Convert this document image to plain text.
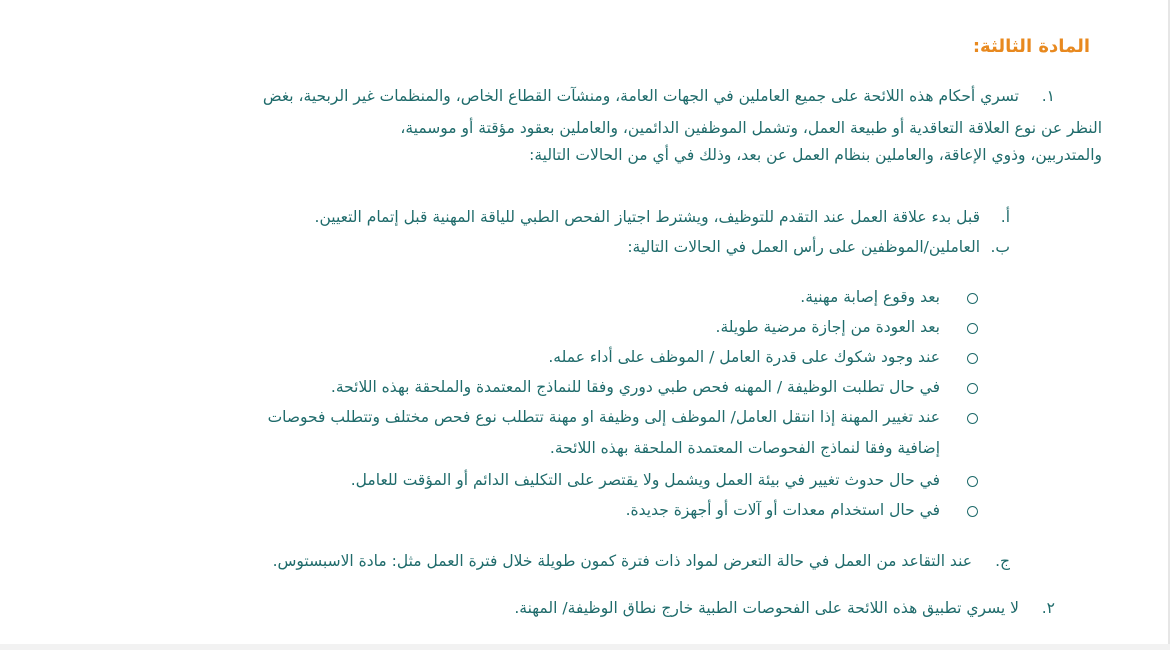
المادة الثالثة:
١.
تسري أحكام هذه اللائحة على جميع العاملين في الجهات العامة، ومنشآت القطاع الخاص، والمنظمات غير الربحية، بغض
النظر عن نوع العلاقة التعاقدية أو طبيعة العمل، وتشمل الموظفين الدائمين، والعاملين بعقود مؤقتة أو موسمية،
والمتدربين، وذوي الإعاقة، والعاملين بنظام العمل عن بعد، وذلك في أي من الحالات التالية:
أ.
قبل بدء علاقة العمل عند التقدم للتوظيف، ويشترط اجتياز الفحص الطبي للياقة المهنية قبل إتمام التعيين.
ب.
العاملين/الموظفين على رأس العمل في الحالات التالية:
بعد وقوع إصابة مهنية.
بعد العودة من إجازة مرضية طويلة.
عند وجود شكوك على قدرة العامل / الموظف على أداء عمله.
في حال تطلبت الوظيفة / المهنه فحص طبي دوري وفقا للنماذج المعتمدة والملحقة بهذه اللائحة.
عند تغيير المهنة إذا انتقل العامل/ الموظف إلى وظيفة او مهنة تتطلب نوع فحص مختلف وتتطلب فحوصات
إضافية وفقا لنماذج الفحوصات المعتمدة الملحقة بهذه اللائحة.
في حال حدوث تغيير في بيئة العمل ويشمل ولا يقتصر على التكليف الدائم أو المؤقت للعامل.
في حال استخدام معدات أو آلات أو أجهزة جديدة.
ج.
عند التقاعد من العمل في حالة التعرض لمواد ذات فترة كمون طويلة خلال فترة العمل مثل: مادة الاسبستوس.
٢.
لا يسري تطبيق هذه اللائحة على الفحوصات الطبية خارج نطاق الوظيفة/ المهنة.
